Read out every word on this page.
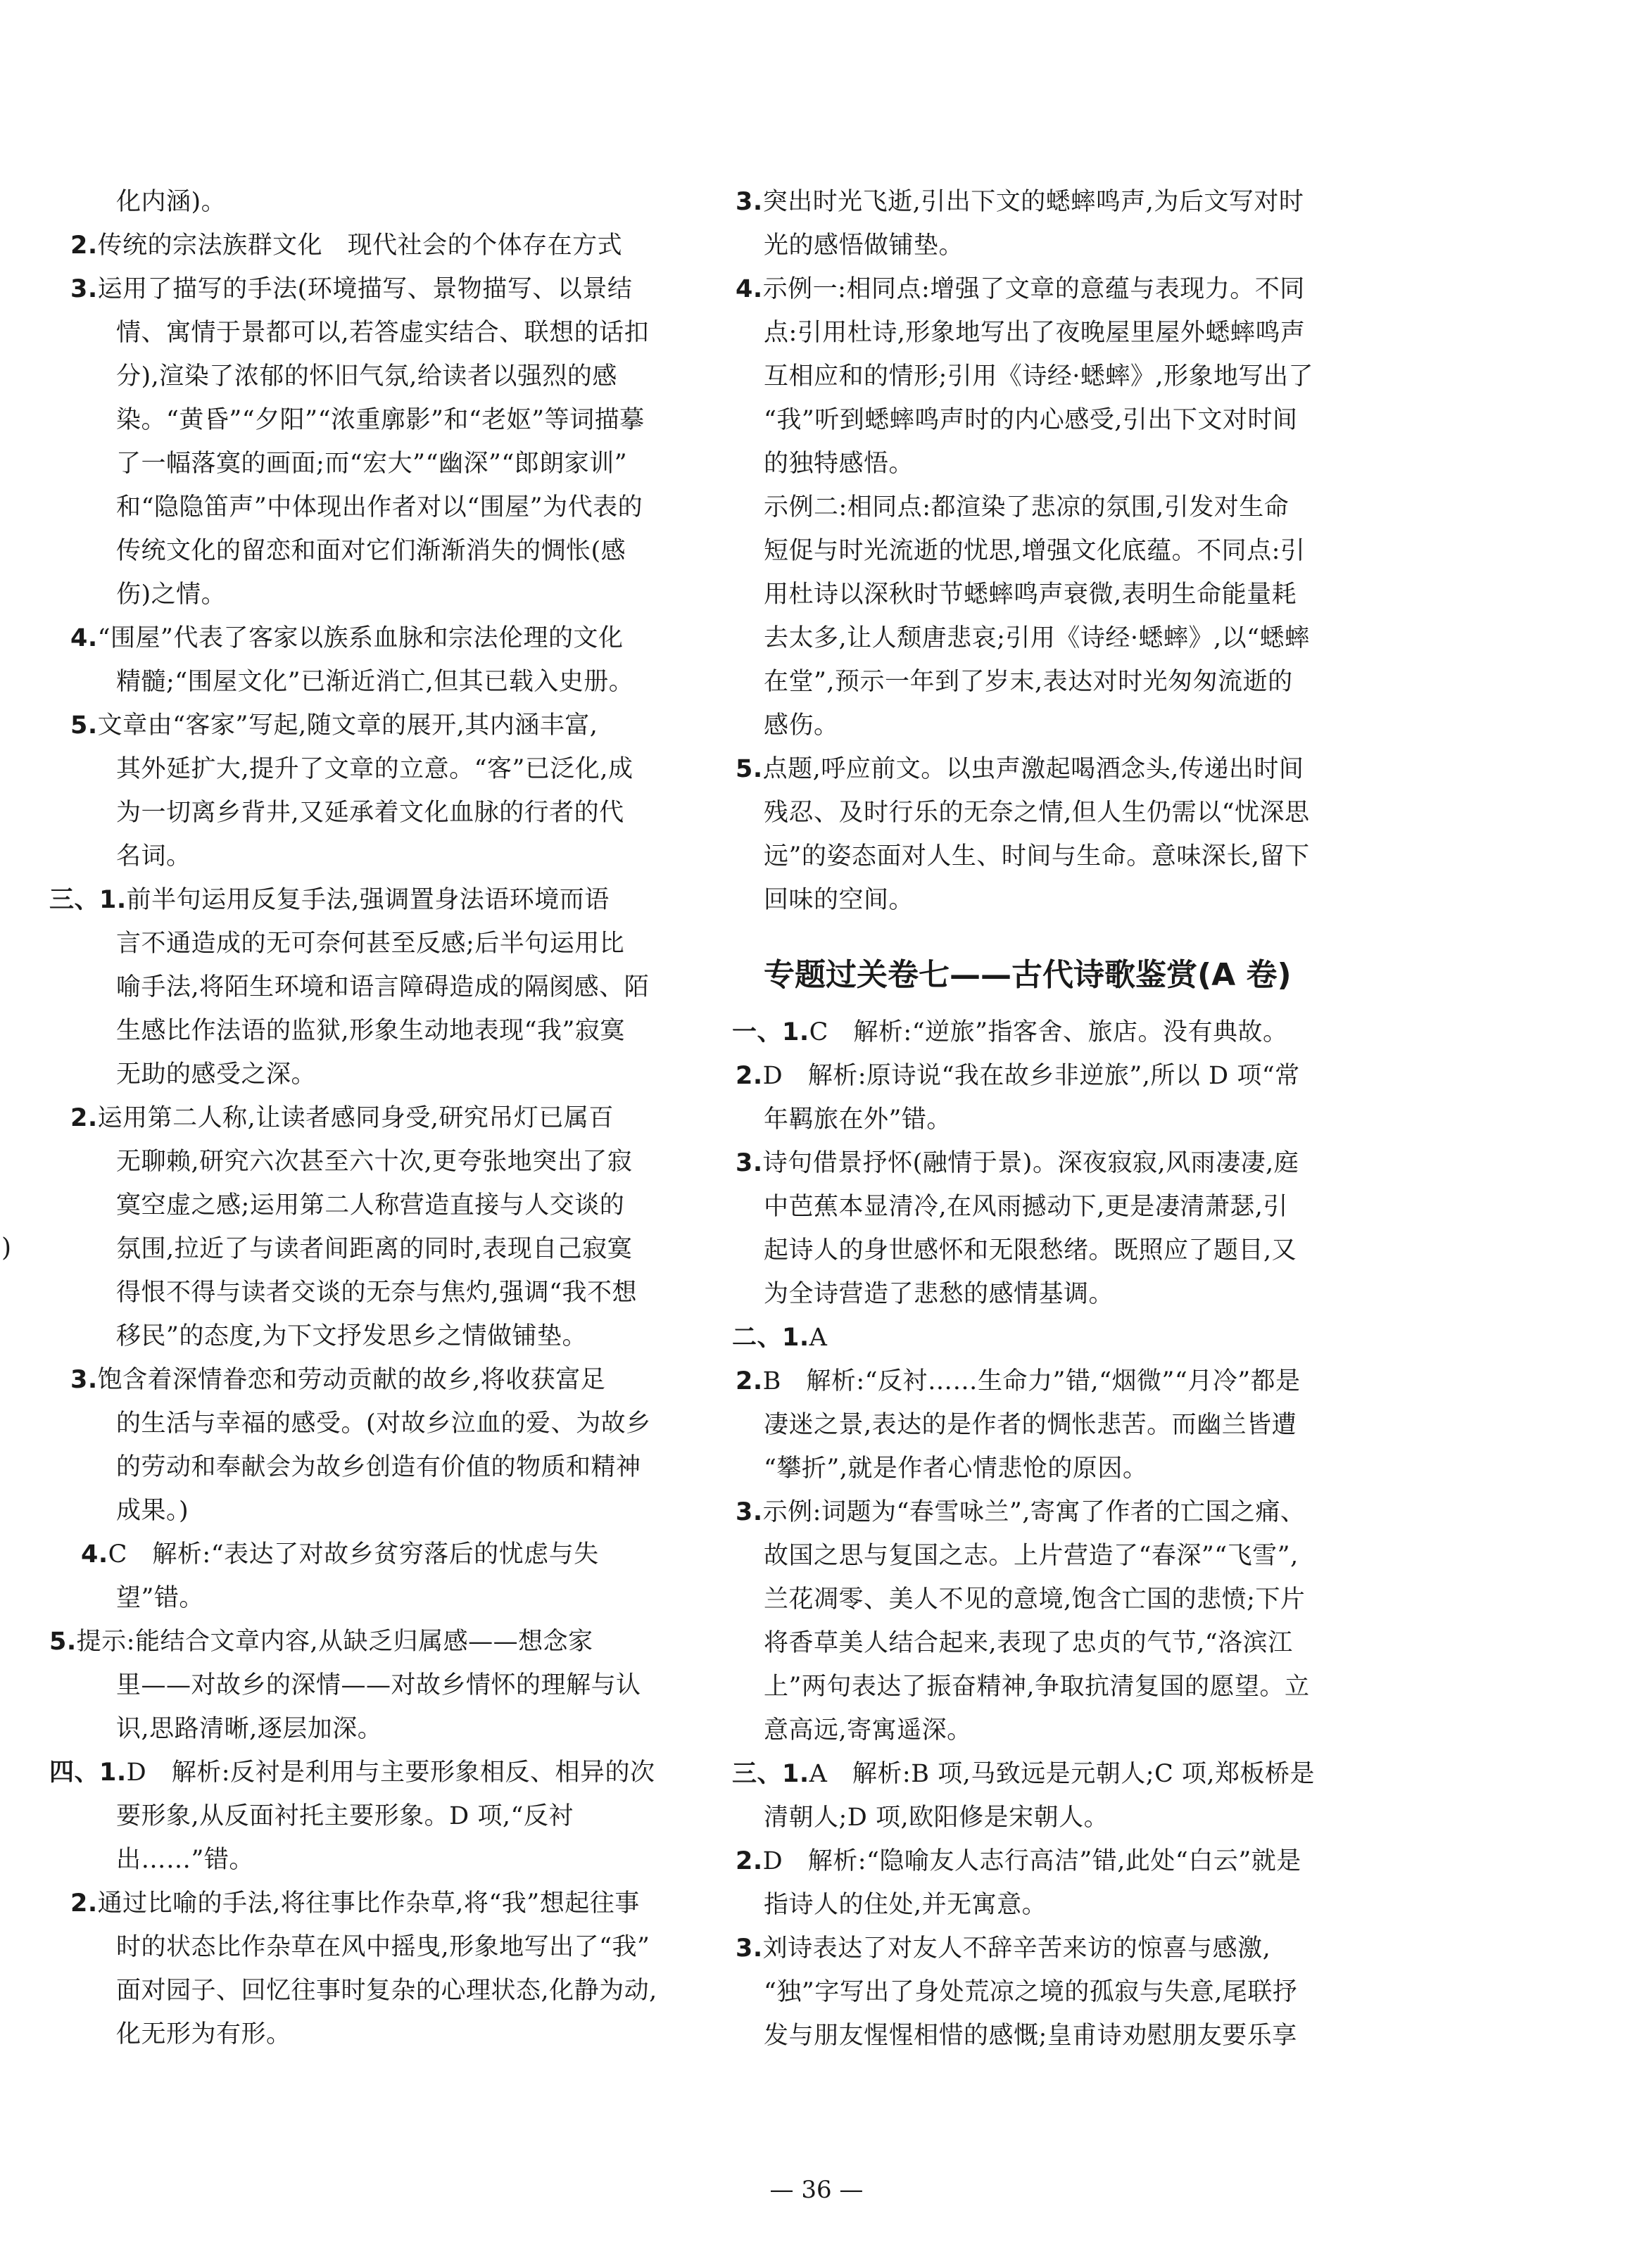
化内涵)。
2.传统的宗法族群文化　现代社会的个体存在方式
3.运用了描写的手法(环境描写、景物描写、以景结
情、寓情于景都可以,若答虚实结合、联想的话扣
分),渲染了浓郁的怀旧气氛,给读者以强烈的感
染。“黄昏”“夕阳”“浓重廓影”和“老妪”等词描摹
了一幅落寞的画面;而“宏大”“幽深”“郎朗家训”
和“隐隐笛声”中体现出作者对以“围屋”为代表的
传统文化的留恋和面对它们渐渐消失的惆怅(感
伤)之情。
4.“围屋”代表了客家以族系血脉和宗法伦理的文化
精髓;“围屋文化”已渐近消亡,但其已载入史册。
5.文章由“客家”写起,随文章的展开,其内涵丰富,
其外延扩大,提升了文章的立意。“客”已泛化,成
为一切离乡背井,又延承着文化血脉的行者的代
名词。
三、1.前半句运用反复手法,强调置身法语环境而语
言不通造成的无可奈何甚至反感;后半句运用比
喻手法,将陌生环境和语言障碍造成的隔阂感、陌
生感比作法语的监狱,形象生动地表现“我”寂寞
无助的感受之深。
2.运用第二人称,让读者感同身受,研究吊灯已属百
无聊赖,研究六次甚至六十次,更夸张地突出了寂
寞空虚之感;运用第二人称营造直接与人交谈的
氛围,拉近了与读者间距离的同时,表现自己寂寞
得恨不得与读者交谈的无奈与焦灼,强调“我不想
移民”的态度,为下文抒发思乡之情做铺垫。
3.饱含着深情眷恋和劳动贡献的故乡,将收获富足
的生活与幸福的感受。(对故乡泣血的爱、为故乡
的劳动和奉献会为故乡创造有价值的物质和精神
成果。)
4.C　解析:“表达了对故乡贫穷落后的忧虑与失
望”错。
5.提示:能结合文章内容,从缺乏归属感——想念家
里——对故乡的深情——对故乡情怀的理解与认
识,思路清晰,逐层加深。
四、1.D　解析:反衬是利用与主要形象相反、相异的次
要形象,从反面衬托主要形象。D 项,“反衬
出……”错。
2.通过比喻的手法,将往事比作杂草,将“我”想起往事
时的状态比作杂草在风中摇曳,形象地写出了“我”
面对园子、回忆往事时复杂的心理状态,化静为动,
化无形为有形。
3.突出时光飞逝,引出下文的蟋蟀鸣声,为后文写对时
光的感悟做铺垫。
4.示例一:相同点:增强了文章的意蕴与表现力。不同
点:引用杜诗,形象地写出了夜晚屋里屋外蟋蟀鸣声
互相应和的情形;引用《诗经·蟋蟀》,形象地写出了
“我”听到蟋蟀鸣声时的内心感受,引出下文对时间
的独特感悟。
示例二:相同点:都渲染了悲凉的氛围,引发对生命
短促与时光流逝的忧思,增强文化底蕴。不同点:引
用杜诗以深秋时节蟋蟀鸣声衰微,表明生命能量耗
去太多,让人颓唐悲哀;引用《诗经·蟋蟀》,以“蟋蟀
在堂”,预示一年到了岁末,表达对时光匆匆流逝的
感伤。
5.点题,呼应前文。以虫声激起喝酒念头,传递出时间
残忍、及时行乐的无奈之情,但人生仍需以“忧深思
远”的姿态面对人生、时间与生命。意味深长,留下
回味的空间。
一、1.C　解析:“逆旅”指客舍、旅店。没有典故。
2.D　解析:原诗说“我在故乡非逆旅”,所以 D 项“常
年羁旅在外”错。
3.诗句借景抒怀(融情于景)。深夜寂寂,风雨凄凄,庭
中芭蕉本显清冷,在风雨撼动下,更是凄清萧瑟,引
起诗人的身世感怀和无限愁绪。既照应了题目,又
为全诗营造了悲愁的感情基调。
二、1.A
2.B　解析:“反衬……生命力”错,“烟微”“月冷”都是
凄迷之景,表达的是作者的惆怅悲苦。而幽兰皆遭
“攀折”,就是作者心情悲怆的原因。
3.示例:词题为“春雪咏兰”,寄寓了作者的亡国之痛、
故国之思与复国之志。上片营造了“春深”“飞雪”,
兰花凋零、美人不见的意境,饱含亡国的悲愤;下片
将香草美人结合起来,表现了忠贞的气节,“洛滨江
上”两句表达了振奋精神,争取抗清复国的愿望。立
意高远,寄寓遥深。
三、1.A　解析:B 项,马致远是元朝人;C 项,郑板桥是
清朝人;D 项,欧阳修是宋朝人。
2.D　解析:“隐喻友人志行高洁”错,此处“白云”就是
指诗人的住处,并无寓意。
3.刘诗表达了对友人不辞辛苦来访的惊喜与感激,
“独”字写出了身处荒凉之境的孤寂与失意,尾联抒
发与朋友惺惺相惜的感慨;皇甫诗劝慰朋友要乐享
专题过关卷七——古代诗歌鉴赏(A 卷)
)
— 36 —
